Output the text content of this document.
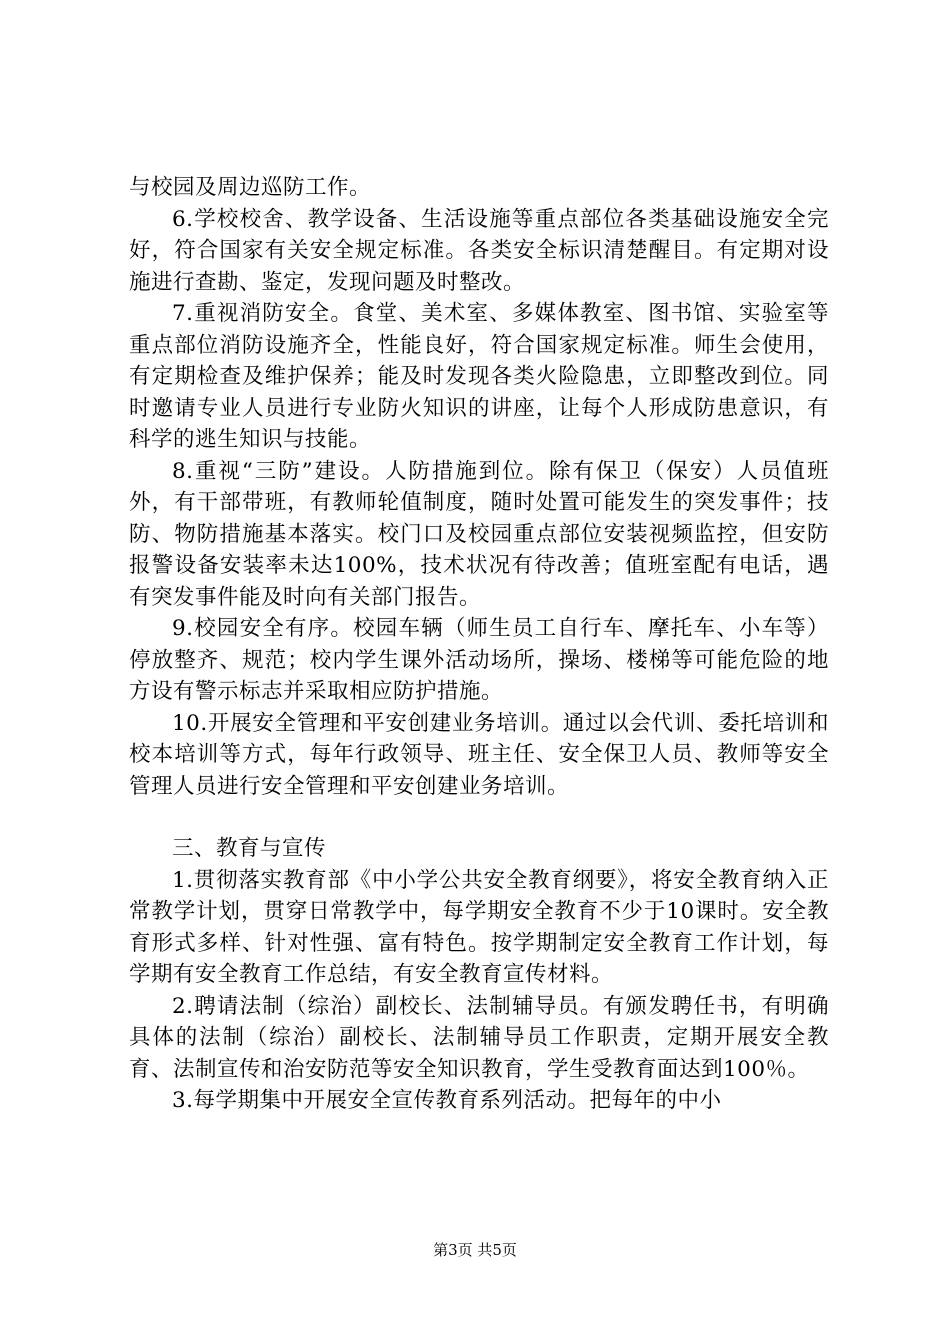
与校园及周边巡防工作。

6.学校校舍、教学设备、生活设施等重点部位各类基础设施安全完好，符合国家有关安全规定标准。各类安全标识清楚醒目。有定期对设施进行查勘、鉴定，发现问题及时整改。

7.重视消防安全。食堂、美术室、多媒体教室、图书馆、实验室等重点部位消防设施齐全，性能良好，符合国家规定标准。师生会使用，有定期检查及维护保养；能及时发现各类火险隐患，立即整改到位。同时邀请专业人员进行专业防火知识的讲座，让每个人形成防患意识，有科学的逃生知识与技能。

8.重视“三防”建设。人防措施到位。除有保卫（保安）人员值班外，有干部带班，有教师轮值制度，随时处置可能发生的突发事件；技防、物防措施基本落实。校门口及校园重点部位安装视频监控，但安防报警设备安装率未达100%，技术状况有待改善；值班室配有电话，遇有突发事件能及时向有关部门报告。

9.校园安全有序。校园车辆（师生员工自行车、摩托车、小车等）停放整齐、规范；校内学生课外活动场所，操场、楼梯等可能危险的地方设有警示标志并采取相应防护措施。

10.开展安全管理和平安创建业务培训。通过以会代训、委托培训和校本培训等方式，每年行政领导、班主任、安全保卫人员、教师等安全管理人员进行安全管理和平安创建业务培训。

三、教育与宣传

1.贯彻落实教育部《中小学公共安全教育纲要》，将安全教育纳入正常教学计划，贯穿日常教学中，每学期安全教育不少于10课时。安全教育形式多样、针对性强、富有特色。按学期制定安全教育工作计划，每学期有安全教育工作总结，有安全教育宣传材料。

2.聘请法制（综治）副校长、法制辅导员。有颁发聘任书，有明确具体的法制（综治）副校长、法制辅导员工作职责，定期开展安全教育、法制宣传和治安防范等安全知识教育，学生受教育面达到100％。

3.每学期集中开展安全宣传教育系列活动。把每年的中小

第3页 共5页
